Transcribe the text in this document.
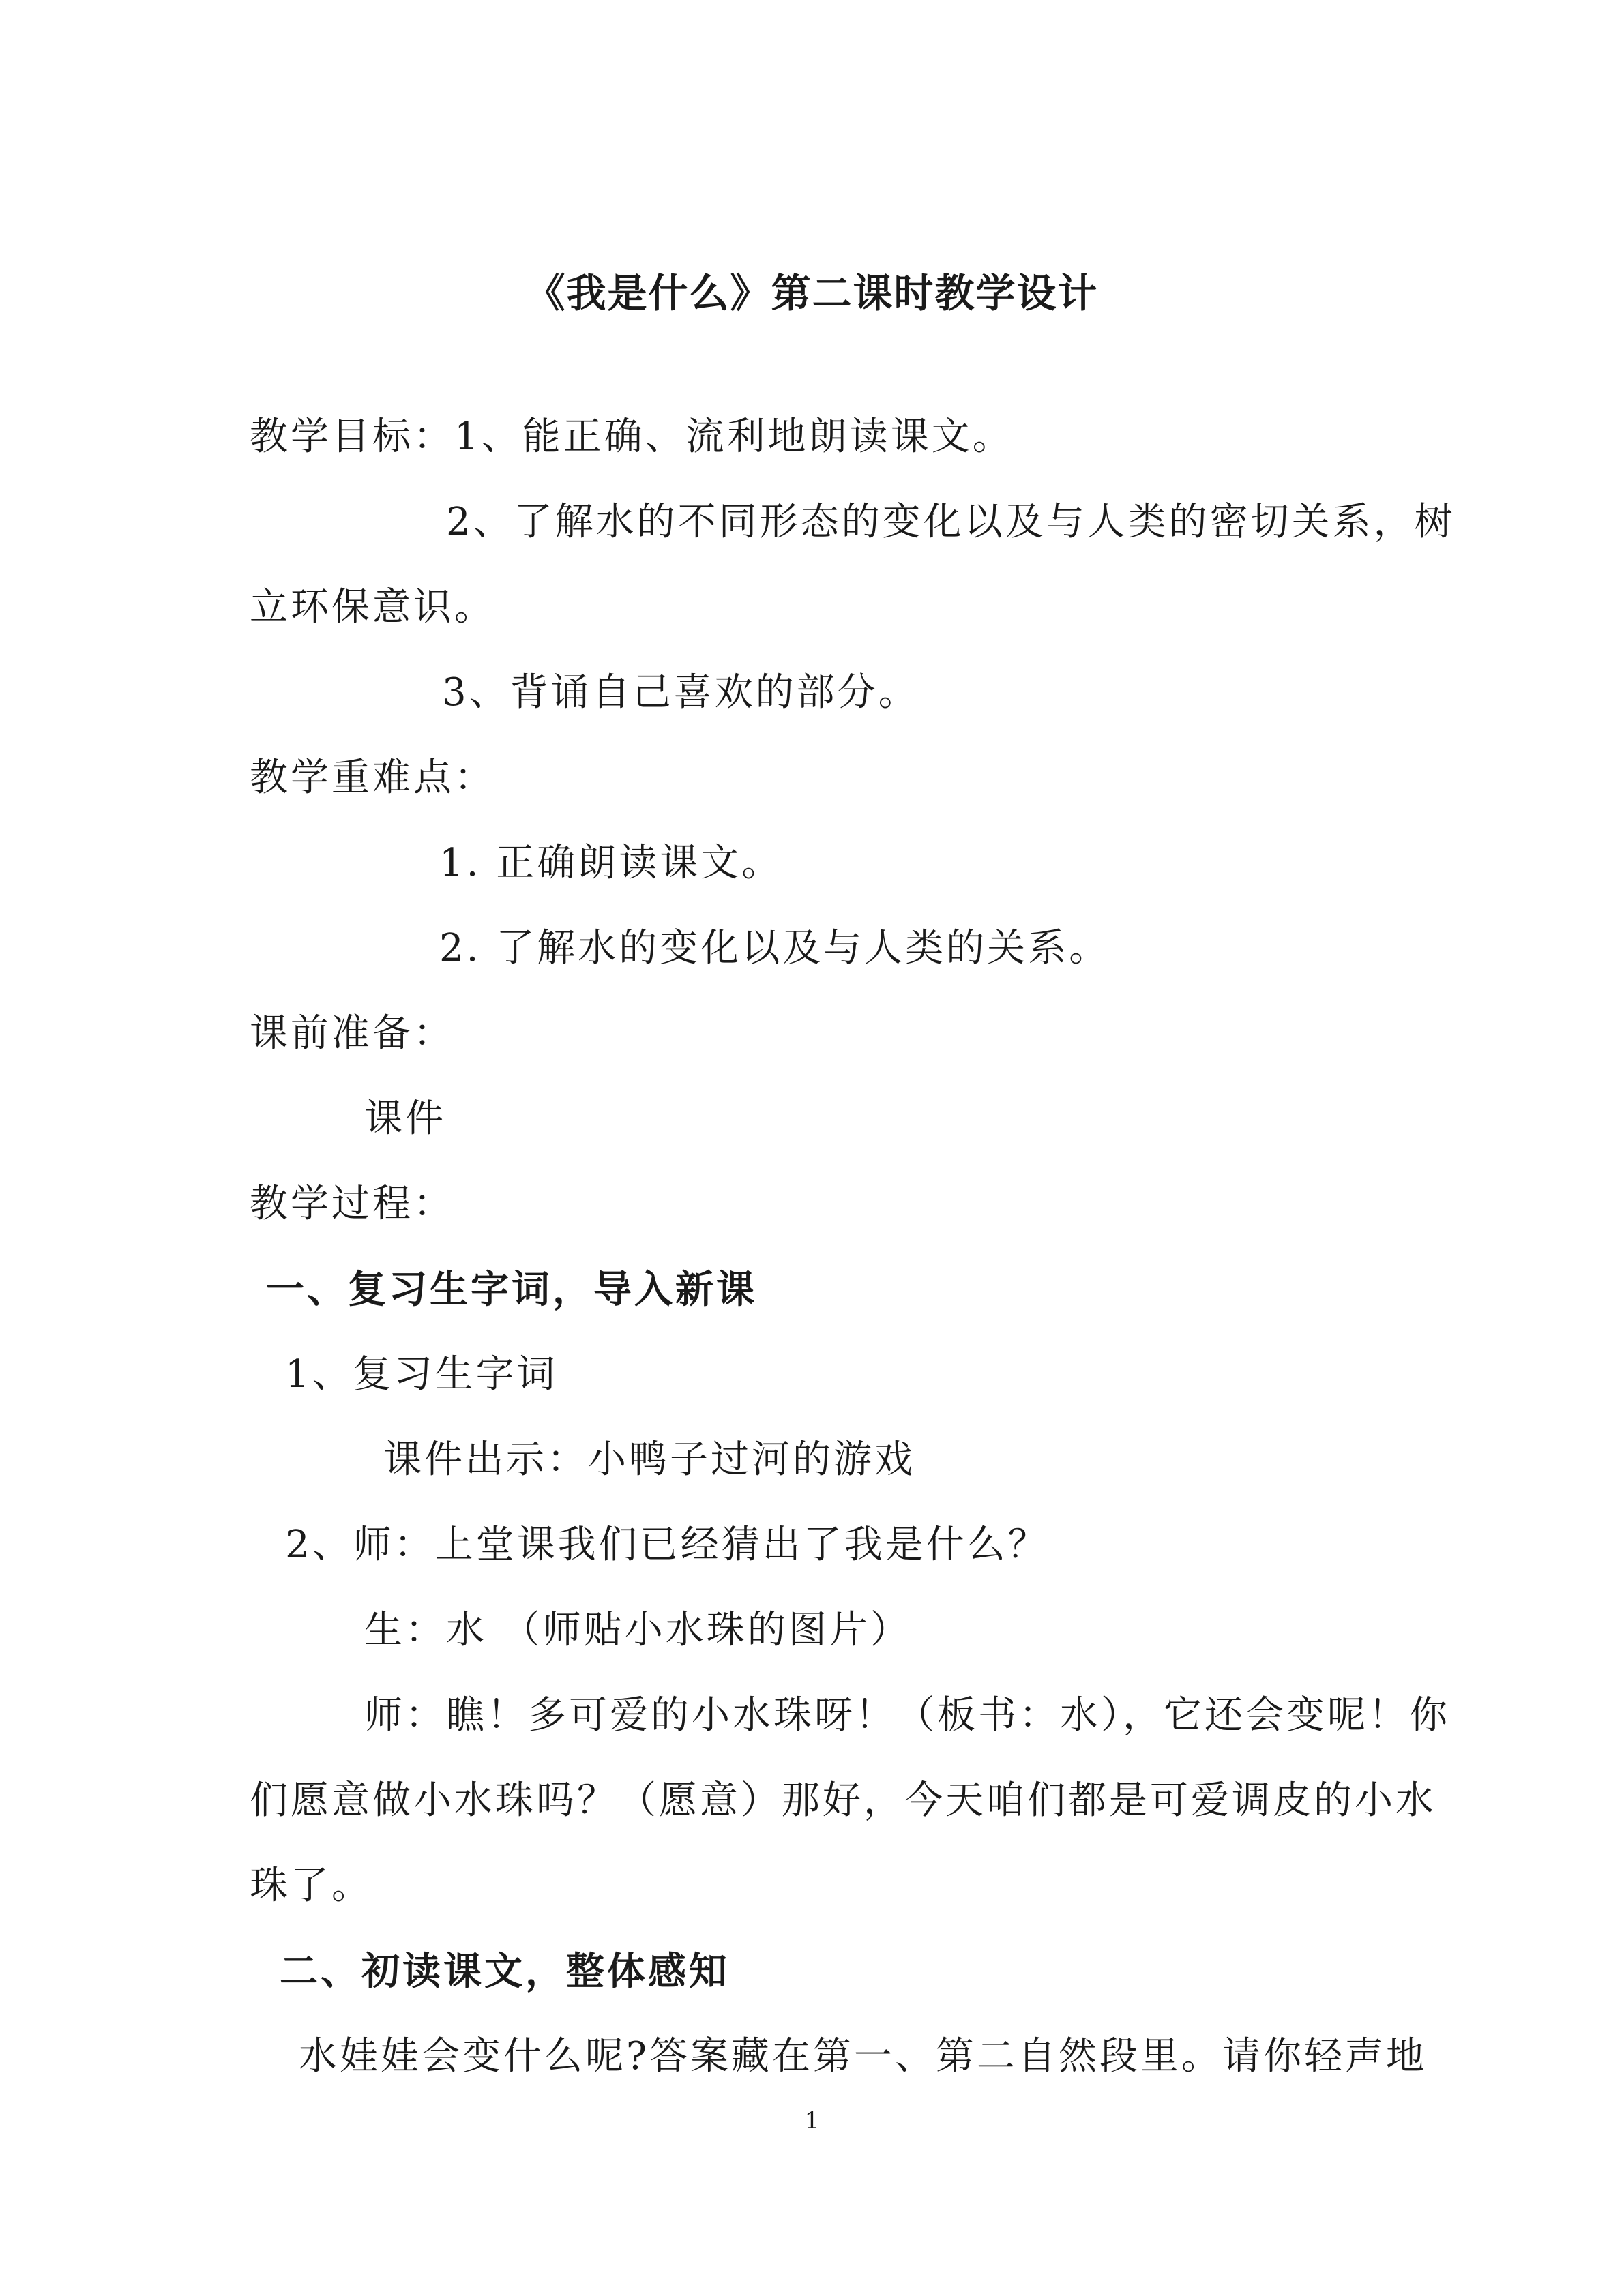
《我是什么》第二课时教学设计
教学目标：1、能正确、流利地朗读课文。
2、了解水的不同形态的变化以及与人类的密切关系，树
立环保意识。
3、背诵自己喜欢的部分。
教学重难点：
1. 正确朗读课文。
2. 了解水的变化以及与人类的关系。
课前准备：
课件
教学过程：
一、复习生字词，导入新课
1、复习生字词
课件出示：小鸭子过河的游戏
2、师：上堂课我们已经猜出了我是什么？
生：水 （师贴小水珠的图片）
师：瞧！多可爱的小水珠呀！（板书：水），它还会变呢！你
们愿意做小水珠吗？（愿意）那好，今天咱们都是可爱调皮的小水
珠了。
二、初读课文，整体感知
水娃娃会变什么呢?答案藏在第一、第二自然段里。请你轻声地
1
